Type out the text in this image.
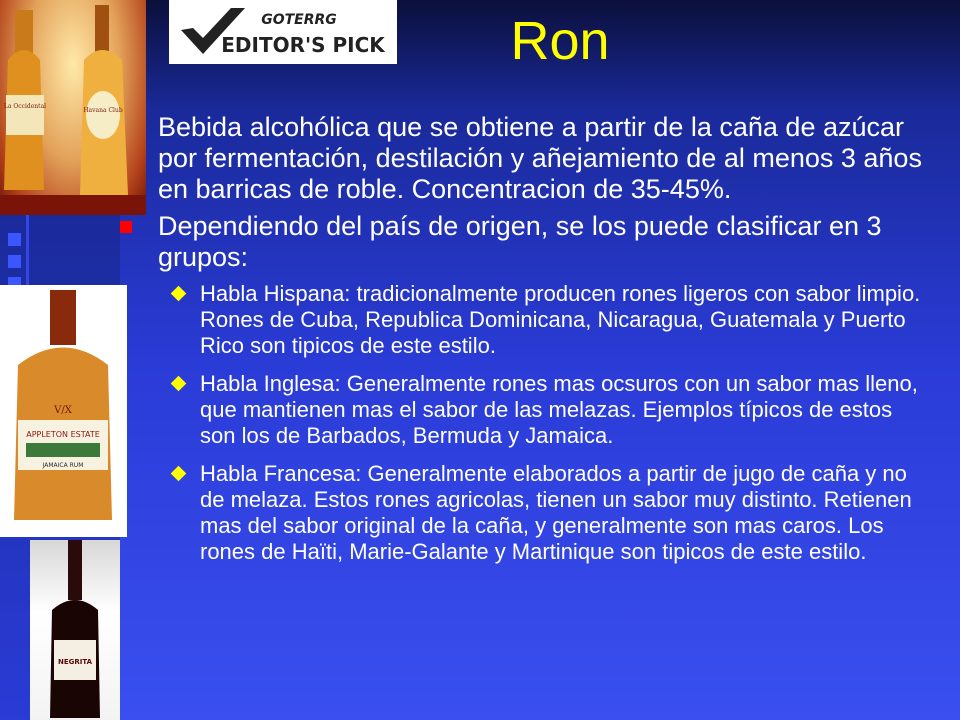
La Occidental
Havana Club
V/X
APPLETON ESTATE
JAMAICA RUM
NEGRITA
GOTERRG
EDITOR'S PICK	Ron

Bebida alcohólica que se obtiene a partir de la caña de azúcar por fermentación, destilación y añejamiento de al menos 3 años en barricas de roble. Concentracion de 35-45%.

Dependiendo del país de origen, se los puede clasificar en 3 grupos:
Habla Hispana: tradicionalmente producen rones ligeros con sabor limpio. Rones de Cuba, Republica Dominicana, Nicaragua, Guatemala y Puerto Rico son tipicos de este estilo.
Habla Inglesa: Generalmente rones mas ocsuros con un sabor mas lleno, que mantienen mas el sabor de las melazas. Ejemplos típicos de estos son los de Barbados, Bermuda y Jamaica.
Habla Francesa: Generalmente elaborados a partir de jugo de caña y no de melaza. Estos rones agricolas, tienen un sabor muy distinto. Retienen mas del sabor original de la caña, y generalmente son mas caros. Los rones de Haïti, Marie-Galante y Martinique son tipicos de este estilo.
